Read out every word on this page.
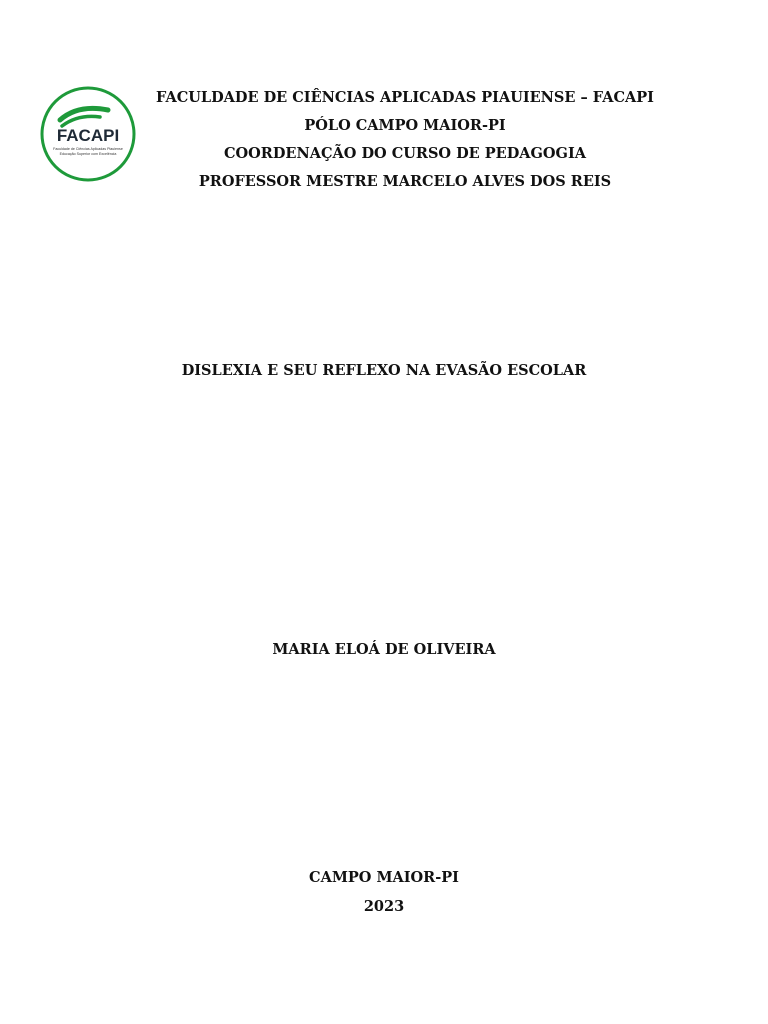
FACAPI
Faculdade de Ciências Aplicadas Piauiense
Educação Superior com Excelência
FACULDADE DE CIÊNCIAS APLICADAS PIAUIENSE – FACAPI
PÓLO CAMPO MAIOR-PI
COORDENAÇÃO DO CURSO DE PEDAGOGIA
PROFESSOR MESTRE MARCELO ALVES DOS REIS
DISLEXIA E SEU REFLEXO NA EVASÃO ESCOLAR
MARIA ELOÁ DE OLIVEIRA
CAMPO MAIOR-PI
2023
